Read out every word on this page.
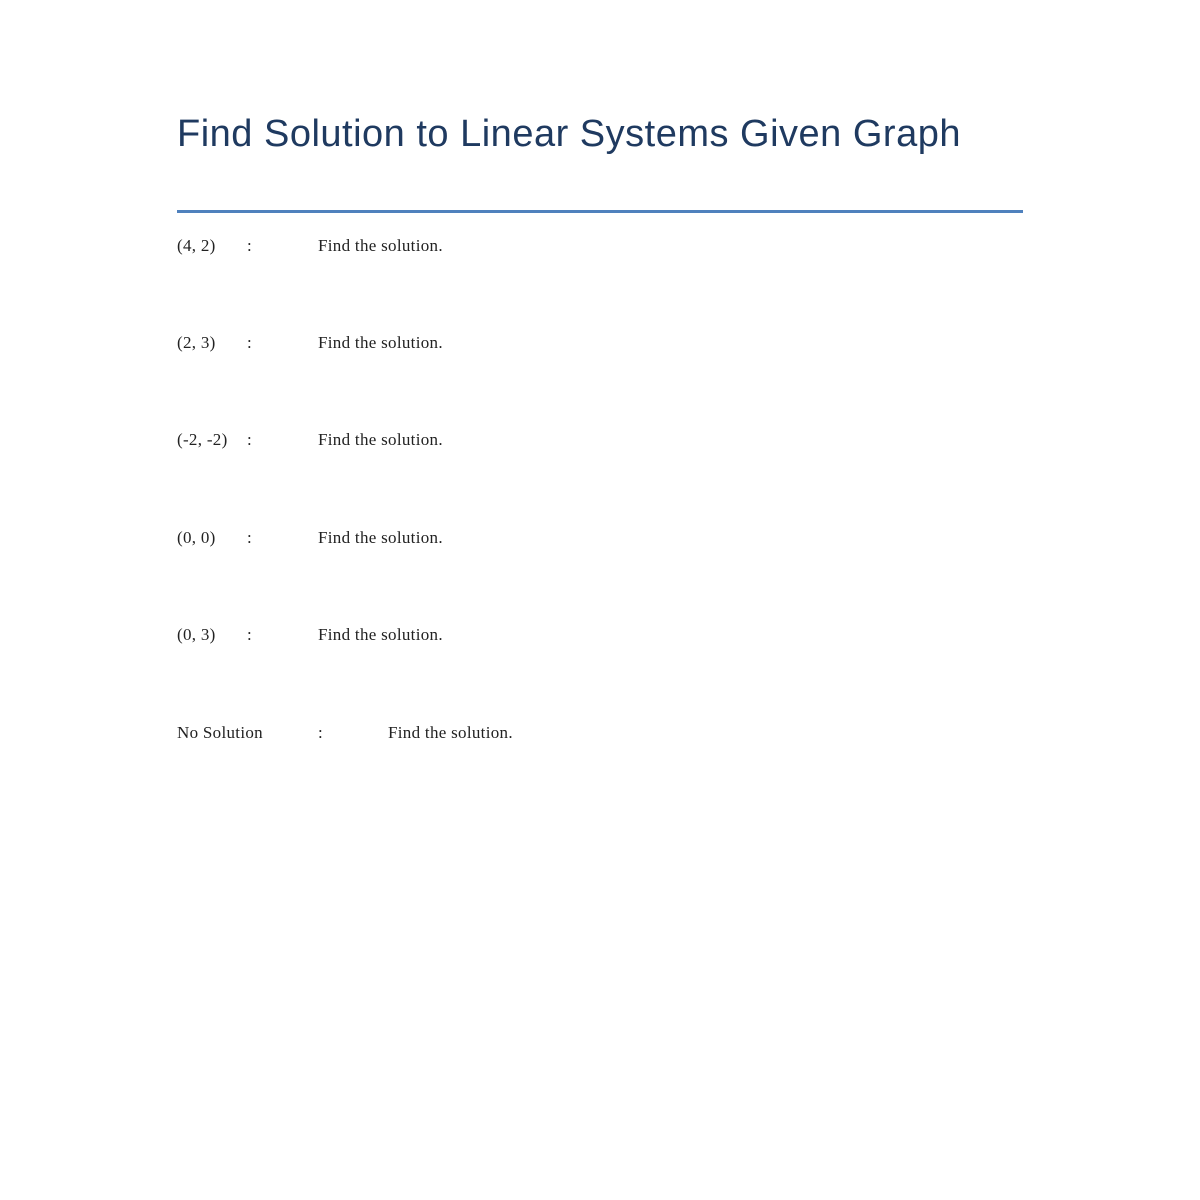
Find Solution to Linear Systems Given Graph
(4, 2) :	Find the solution.
(2, 3) :	Find the solution.
(-2, -2) :	Find the solution.
(0, 0) :	Find the solution.
(0, 3) :	Find the solution.
No Solution	:	Find the solution.
